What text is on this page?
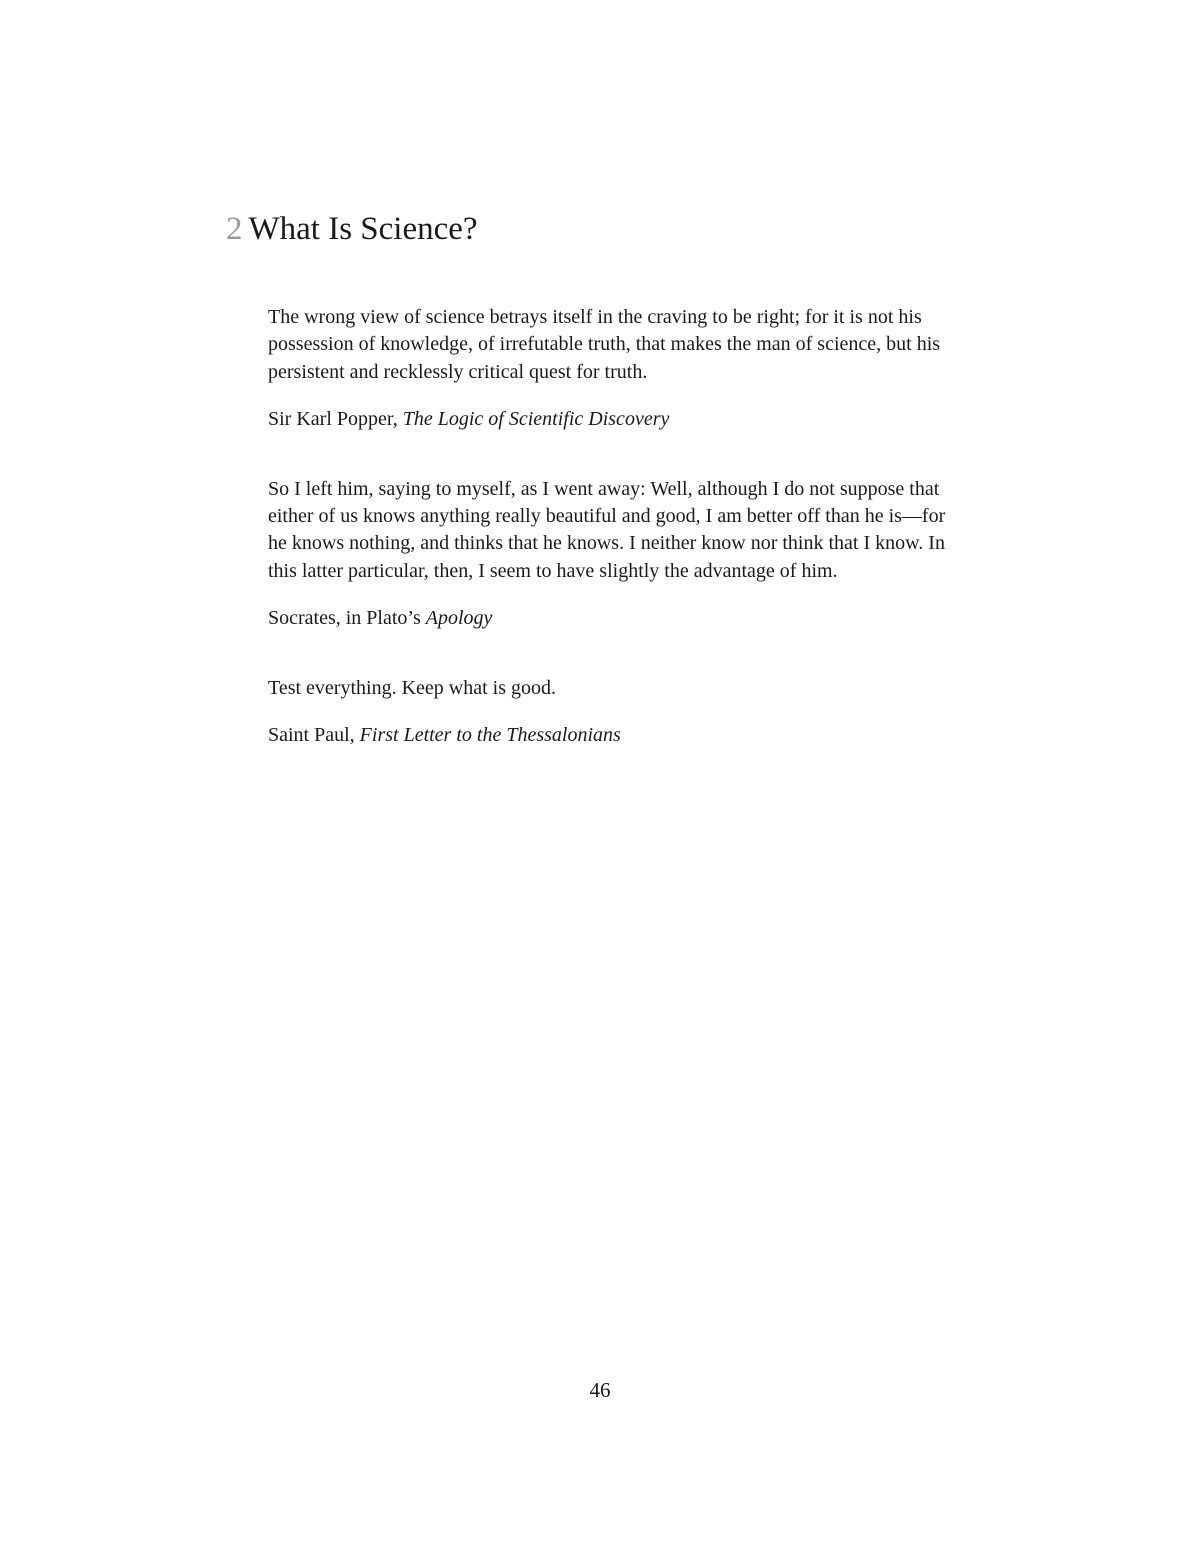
2 What Is Science?

The wrong view of science betrays itself in the craving to be right; for it is not his possession of knowledge, of irrefutable truth, that makes the man of science, but his persistent and recklessly critical quest for truth.

Sir Karl Popper, The Logic of Scientific Discovery

So I left him, saying to myself, as I went away: Well, although I do not suppose that either of us knows anything really beautiful and good, I am better off than he is—for he knows nothing, and thinks that he knows. I neither know nor think that I know. In this latter particular, then, I seem to have slightly the advantage of him.

Socrates, in Plato’s Apology

Test everything. Keep what is good.

Saint Paul, First Letter to the Thessalonians

46
